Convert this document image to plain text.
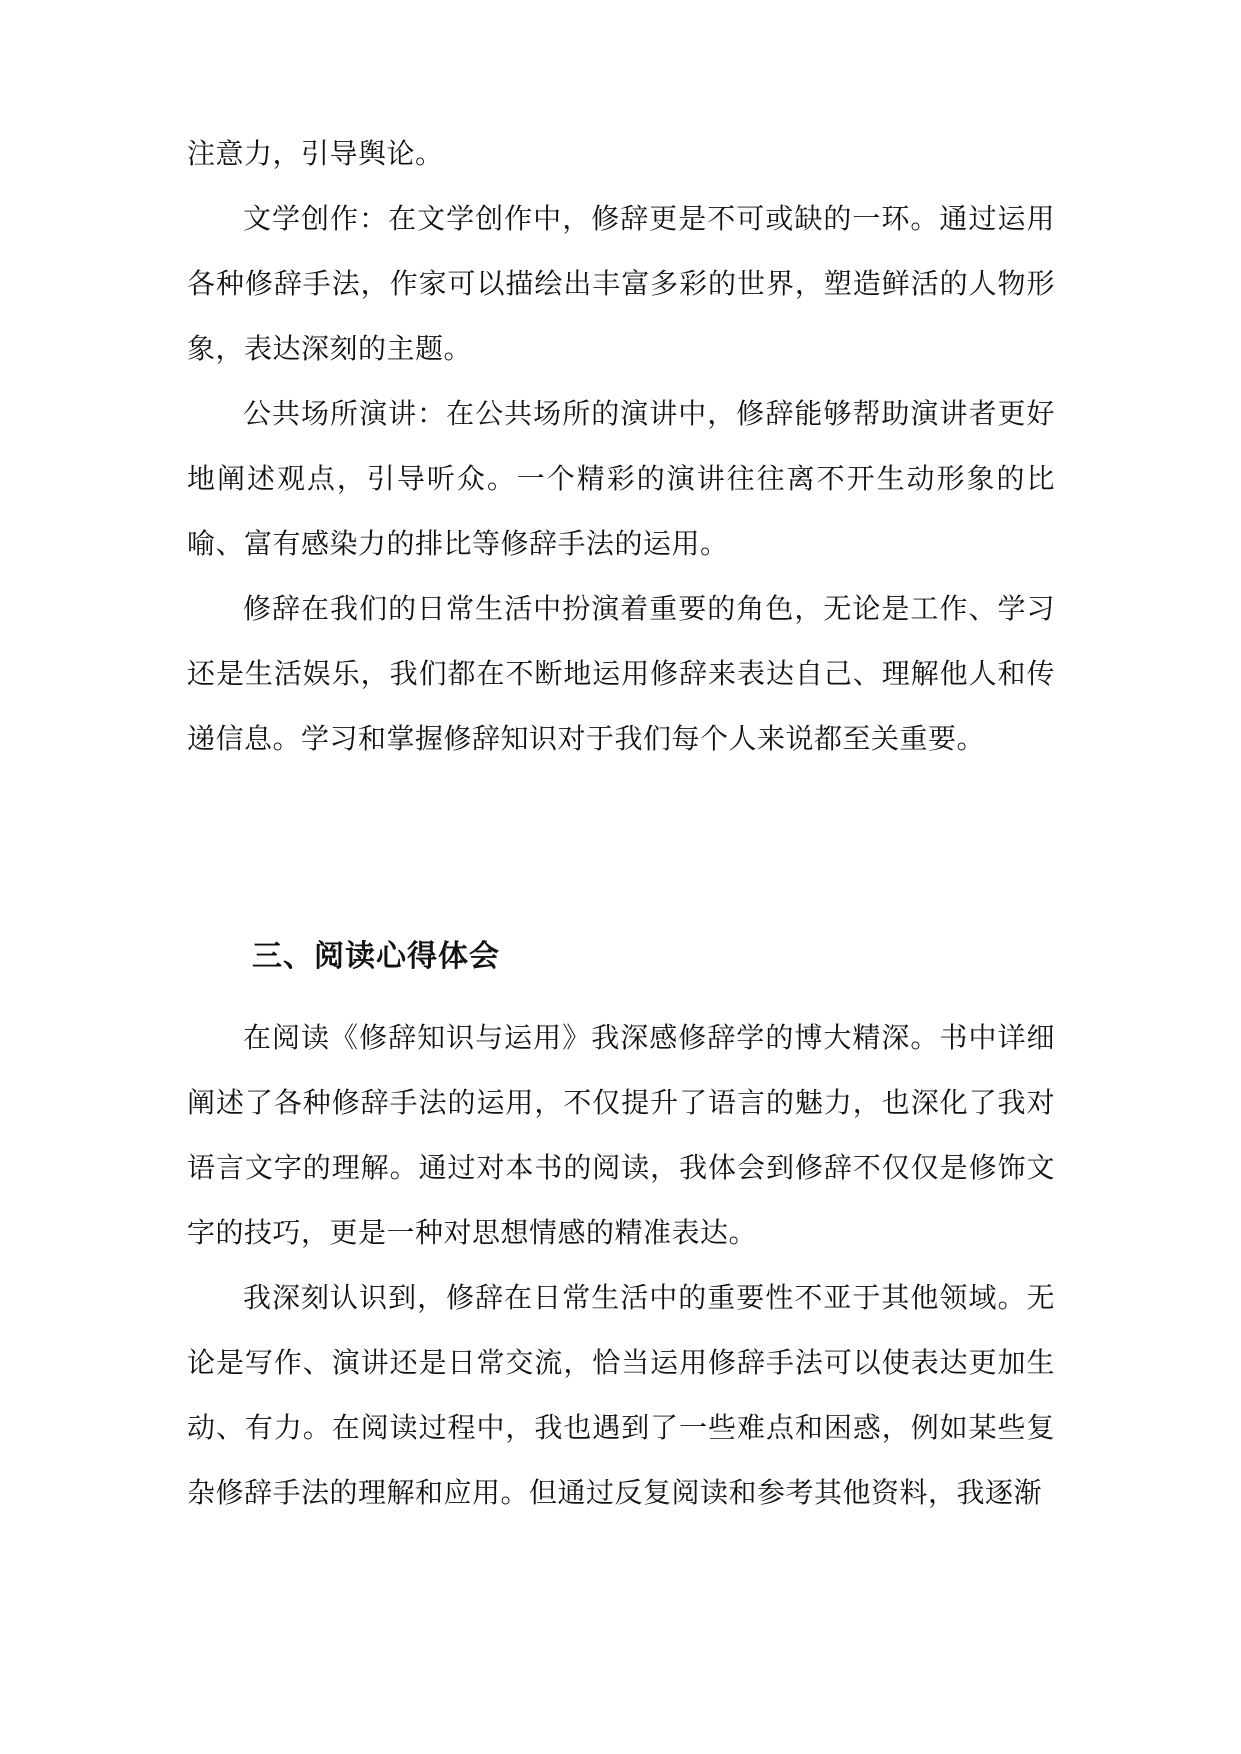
注意力，引导舆论。

文学创作：在文学创作中，修辞更是不可或缺的一环。通过运用各种修辞手法，作家可以描绘出丰富多彩的世界，塑造鲜活的人物形象，表达深刻的主题。

公共场所演讲：在公共场所的演讲中，修辞能够帮助演讲者更好地阐述观点，引导听众。一个精彩的演讲往往离不开生动形象的比喻、富有感染力的排比等修辞手法的运用。

修辞在我们的日常生活中扮演着重要的角色，无论是工作、学习还是生活娱乐，我们都在不断地运用修辞来表达自己、理解他人和传递信息。学习和掌握修辞知识对于我们每个人来说都至关重要。

三、阅读心得体会

在阅读《修辞知识与运用》我深感修辞学的博大精深。书中详细阐述了各种修辞手法的运用，不仅提升了语言的魅力，也深化了我对语言文字的理解。通过对本书的阅读，我体会到修辞不仅仅是修饰文字的技巧，更是一种对思想情感的精准表达。

我深刻认识到，修辞在日常生活中的重要性不亚于其他领域。无论是写作、演讲还是日常交流，恰当运用修辞手法可以使表达更加生动、有力。在阅读过程中，我也遇到了一些难点和困惑，例如某些复杂修辞手法的理解和应用。但通过反复阅读和参考其他资料，我逐渐
